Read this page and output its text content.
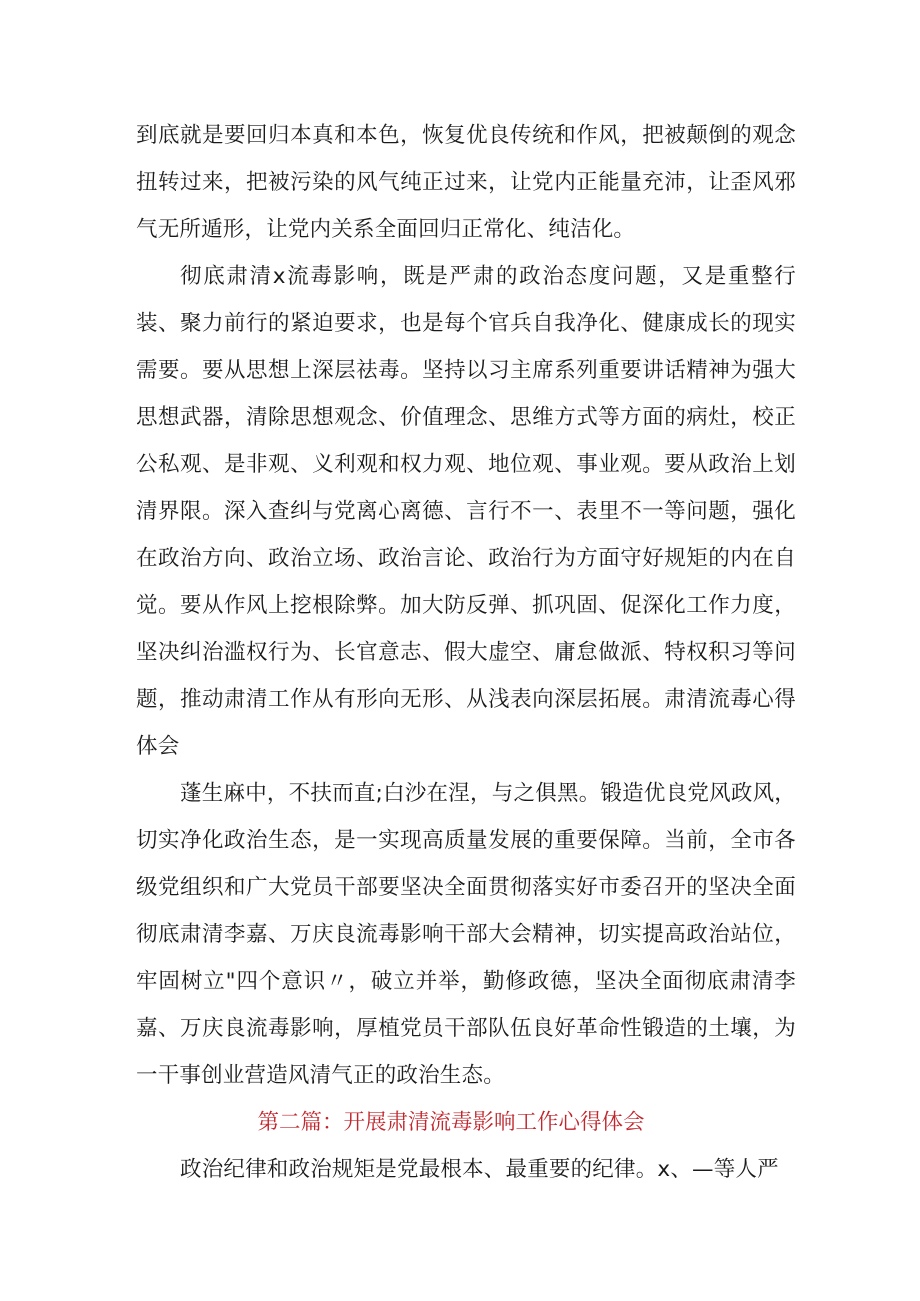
到底就是要回归本真和本色，恢复优良传统和作风，把被颠倒的观念扭转过来，把被污染的风气纯正过来，让党内正能量充沛，让歪风邪气无所遁形，让党内关系全面回归正常化、纯洁化。

彻底肃清x流毒影响，既是严肃的政治态度问题，又是重整行装、聚力前行的紧迫要求，也是每个官兵自我净化、健康成长的现实需要。要从思想上深层祛毒。坚持以习主席系列重要讲话精神为强大思想武器，清除思想观念、价值理念、思维方式等方面的病灶，校正公私观、是非观、义利观和权力观、地位观、事业观。要从政治上划清界限。深入查纠与党离心离德、言行不一、表里不一等问题，强化在政治方向、政治立场、政治言论、政治行为方面守好规矩的内在自觉。要从作风上挖根除弊。加大防反弹、抓巩固、促深化工作力度，坚决纠治滥权行为、长官意志、假大虚空、庸怠做派、特权积习等问题，推动肃清工作从有形向无形、从浅表向深层拓展。肃清流毒心得体会

蓬生麻中，不扶而直;白沙在涅，与之俱黑。锻造优良党风政风，切实净化政治生态，是一实现高质量发展的重要保障。当前，全市各级党组织和广大党员干部要坚决全面贯彻落实好市委召开的坚决全面彻底肃清李嘉、万庆良流毒影响干部大会精神，切实提高政治站位，牢固树立"四个意识〃，破立并举，勤修政德，坚决全面彻底肃清李嘉、万庆良流毒影响，厚植党员干部队伍良好革命性锻造的土壤，为一干事创业营造风清气正的政治生态。

第二篇：开展肃清流毒影响工作心得体会

政治纪律和政治规矩是党最根本、最重要的纪律。x、—等人严
